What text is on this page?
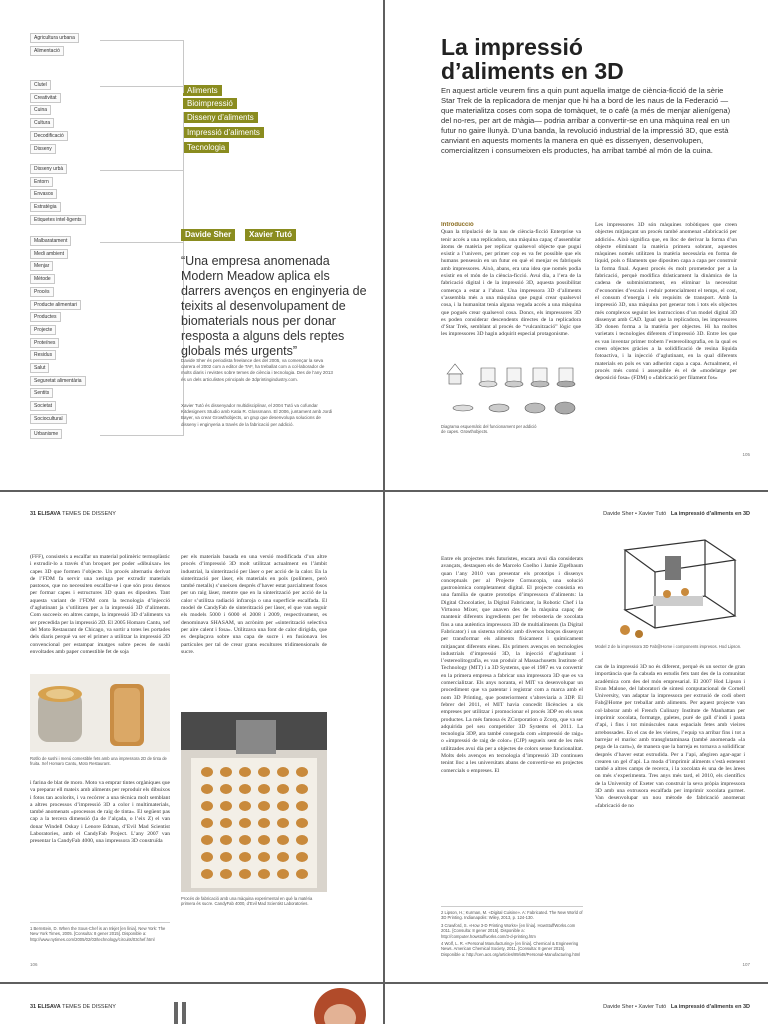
Agricultura urbana
Alimentació
Clutel
Creativitat
Cuina
Cultura
Decodificació
Disseny
Disseny urbà
Entorn
Envasos
Estratègia
Etiquetes intel·ligents
Malbaratament
Medi ambient
Menjar
Mètode
Procés
Producte alimentari
Productes
Projecte
Proteïnes
Residus
Salut
Seguretat alimentària
Sentits
Societat
Sociocultural
Urbanisme
Aliments
Bioimpressió
Disseny d’aliments
Impressió d’aliments
Tecnologia
Davide Sher	Xavier Tutó
“Una empresa anomenada Modern Meadow aplica els darrers avenços en enginyeria de teixits al desenvolupament de biomaterials nous per donar resposta a alguns dels reptes globals més urgents”

Davide Sher és periodista freelance des del 2005, va començar la seva carrera el 2002 com a editor de TAF, ha treballat com a col·laborador de molts diaris i revistes sobre temes de ciència i tecnologia. Des de l’any 2013 és un dels articulistes principals de 3dprintingindustry.com.

Xavier Tutó és dissenyador multidisciplinar, el 2004 Tutó va cofundar Kitdesigners Studio amb Katia R. Glossmann. El 2006, juntament amb Jordi Bayer, va crear Growthobjects, un grup que desenvolupa solucions de disseny i enginyeria a través de la fabricació per addició.

La impressió
d’aliments en 3D

En aquest article veurem fins a quin punt aquella imatge de ciència-ficció de la sèrie Star Trek de la replicadora de menjar que hi ha a bord de les naus de la Federació —que materialitza coses com sopa de tomàquet, te o cafè (a més de menjar alienígena) del no-res, per art de màgia— podria arribar a convertir-se en una màquina real en un futur no gaire llunyà. D’una banda, la revolució industrial de la impressió 3D, que està canviant en aquests moments la manera en què es dissenyen, desenvolupen, comercialitzen i consumeixen els productes, ha arribat també al món de la cuina.

Introducció
Quan la tripulació de la nau de ciència-ficció Enterprise va tenir accés a una replicadora, una màquina capaç d’assemblar àtoms de matèria per replicar qualsevol objecte que pugui existir a l’univers, per primer cop es va fer possible que els humans pensessin en un futur en què el menjar es fabriqués amb impressores. Això, abans, era una idea que només podia existir en el món de la ciència-ficció. Avui dia, a l’era de la fabricació digital i de la impressió 3D, aquesta possibilitat comença a estar a l’abast. Una impressora 3D d’aliments s’assembla més a una màquina que pugui crear qualsevol cosa, i la humanitat tenia alguna vegada accés a una màquina que pogués crear qualsevol cosa. Doncs, els impressores 3D es poden considerar descendents directes de la replicadora d’Star Trek, semblant al procés de “vulcanització” lògic que les impressores 3D hagin adquirit especial protagonisme.
Les impressores 3D són màquines robòtiques que creen objectes mitjançant un procés també anomenat «fabricació per addició». Això significa que, en lloc de derivar la forma d’un objecte eliminant la matèria primera sobrant, aquestes màquines només utilitzen la matèria necessària en forma de líquid, pols o filaments que dipositen capa a capa per construir la forma final. Aquest procés és molt prometedor per a la fabricació, perquè modifica dràsticament la dinàmica de la cadena de subministrament, en eliminar la necessitat d’economies d’escala i reduir potencialment el temps, el cost, el consum d’energia i els requisits de transport. Amb la impressió 3D, una màquina pot generar tots i tots els objectes més complexos seguint les instruccions d’un model digital 3D dissenyat amb CAD. Igual que la replicadora, les impressores 3D donen forma a la matèria per objectes. Hi ha moltes varietats i tecnologies diferents d’impressió 3D. Entre les que es van inventar primer trobem l’estereolitografia, en la qual es creen objectes gràcies a la solidificació de resina líquida fotoactiva, i la injecció d’aglutinant, en la qual diferents materials en pols es van adherint capa a capa. Actualment, el procés més comú i assequible és el de «modelatge per deposició fosa» (FDM) o «fabricació per filament fos»

Diagrama esquemàtic del funcionament per addició de capes. Growthobjects.

105
31 ELISAVA TEMES DE DISSENY
(FFF), consisteix a escalfar un material polimèric termoplàstic i extrudir-lo a través d’un broquet per poder «dibuixar» les capes 3D que formen l’objecte. Un procés alternatiu derivat de l’FDM fa servir una xeringa per extrudir materials pastosos, que no necessiten escalfar-se i que són prou densos per formar capes i estructures 3D quan es dipositen. Tant aquesta variant de l’FDM com la tecnologia d’injecció d’aglutinant ja s’utilitzen per a la impressió 3D d’aliments. Com succeeix en altres camps, la impressió 3D d’aliments va ser precedida per la impressió 2D. El 2005 Homaro Cantu, xef del Moto Restaurant de Chicago, va sortir a totes les portades dels diaris perquè va ser el primer a utilitzar la impressió 2D convencional per estampar imatges sobre peces de sushi envoltades amb paper comestible fet de soja
per els materials basada en una versió modificada d’un altre procés d’impressió 3D molt utilitzat actualment en l’àmbit industrial, la sinterització per làser o per acció de la calor. En la sinterització per làser, els materials en pols (polímers, però també metalls) s’uneixen després d’haver estat parcialment fosos per un raig làser, mentre que en la sinterització per acció de la calor s’utilitza radiació infraroja o una superfície escalfada. El model de CandyFab de sinterització per làser, el que van seguir els models 5000 i 6000 el 2008 i 2009, respectivament, es denominava SHASAM, un acrònim per «sinterització selectiva per aire calent i fosa». Utilitzava una font de calor dirigida, que es desplaçava sobre una capa de sucre i en fusionava les partícules per tal de crear grans escultures tridimensionals de sucre.

Rotllo de sushi i menú comestible fets amb una impressora 2D de tinta de fruita. Xef Homaro Cantu, Moto Restaurant.

Procés de fabricació amb una màquina experimental en què la matèria primera és sucre. CandyFab 4000, d’Evil Mad Scientist Laboratories.

i farina de blat de moro. Moto va emprar tintes orgàniques que va preparar ell mateix amb aliments per reproduir els dibuixos i fotos tan acolorits, i va recórrer a una tècnica molt semblant a altres processos d’impressió 3D a color i multimaterials, també anomenats «processos de raig de tinta». El següent pas cap a la tercera dimensió (la de l’alçada, o l’eix Z) el van donar Windell Oskay i Lenore Edman, d’Evil Mad Scientist Laboratories, amb el CandyFab Project. L’any 2007 van presentar la CandyFab 4000, una impressora 3D construïda

1 Bernstein, D. When the Sous-Chef is an Inkjet [en línia]. New York: The New York Times, 2005. [Consulta: 8 gener 2015]. Disponible a: http://www.nytimes.com/2005/02/03/technology/circuits/03chef.html

106
Davide Sher • Xavier Tutó La impressió d’aliments en 3D
Entre els projectes més futuristes, encara avui dia considerats avançats, destaquen els de Marcelo Coelho i Jamie Zigelbaum quan l’any 2010 van presentar els prototips i dissenys conceptuals per al Projecte Cornucopia, una solució gastronòmica completament digital. El projecte consistia en una família de quatre prototips d’impressora d’aliments: la Digital Chocolatier, la Digital Fabricator, la Robotic Chef i la Virtuoso Mixer, que anaven des de la màquina capaç de mantenir diferents ingredients per fer rebosteria de xocolata fins a una autèntica impressora 3D de multialiments (la Digital Fabricator) i un sistema robòtic amb diversos braços dissenyat per transformar els aliments físicament i químicament mitjançant diferents eines. Els primers avenços en tecnologies industrials d’impressió 3D, la injecció d’aglutinant i l’estereolitografia, es van produir al Massachusetts Institute of Technology (MIT) i a 3D Systems, que el 1987 es va convertir en la primera empresa a fabricar una impressora 3D que es va comercialitzar. Els anys noranta, el MIT va desenvolupar un procediment que va patentar i registrar com a marca amb el nom 3D Printing, que posteriorment s’abreviaria a 3DP. El febrer del 2011, el MIT havia concedit llicències a sis empreses per utilitzar i promocionar el procés 3DP en els seus productes. La més famosa és ZCorporation o Zcorp, que va ser adquirida pel seu competidor 3D Systems el 2011. La tecnologia 3DP, ara també coneguda com «impressió de raig» o «impressió de raig de color» (CJP) segueix sent de les més utilitzades avui dia per a objectes de colors sense funcionalitat. Molts dels avenços en tecnologia d’impressió 3D continuen tenint lloc a les universitats abans de convertir-se en projectes comercials o empreses. El

Model 2 de la impressora 3D Fab@Home i components impresos. Hod Lipson.

cas de la impressió 3D no és diferent, perquè és un sector de gran importància que fa cabuda en estudis fets tant des de la comunitat acadèmica com des del món empresarial. El 2007 Hod Lipson i Evan Malone, del laboratori de síntesi computacional de Cornell University, van adaptar la impressora per extrusió de codi obert Fab@Home per treballar amb aliments. Per aquest projecte van col·laborar amb el French Culinary Institute de Manhattan per imprimir xocolata, formatge, galetes, puré de gall d’indi i pasta d’api, i fins i tot minúscules naus espacials fetes amb vieires arrebossades. En el cas de les vieires, l’equip va arribar fins i tot a barrejar el marisc amb transglutaminasa (també anomenada «la pega de la carn»), de manera que la barreja es tornava a solidificar després d’haver estat extrudida. Per a l’api, afegiren agar-agar i crearen un gel d’api. La moda d’imprimir aliments s’està estenent també a altres camps de recerca, i la xocolata és una de les àrees on més s’experimenta. Tres anys més tard, el 2010, els científics de la University of Exeter van construir la seva pròpia impressora 3D amb una extrusora escalfada per imprimir xocolata gurmet. Van desenvolupar un nou mètode de fabricació anomenat «fabricació de no

2 Lipson, H.; Kurman, M. «Digital Cuisine». A: Fabricated. The New World of 3D Printing. Indianapolis: Wiley, 2013, p. 124-130.

3 Crawford, S. «How 3-D Printing Works» [en línia]. HowStuffWorks.com 2011. [Consulta: 8 gener 2015]. Disponible a: http://computer.howstuffworks.com/3-d-printing.htm

4 Wolf, L. R. «Personal Manufacturing» [en línia]. Chemical & Engineering News. American Chemical Society, 2011. [Consulta: 8 gener 2015]. Disponible a: http://cen.acs.org/articles/89/i48/Personal-Manufacturing.html

107
31 ELISAVA TEMES DE DISSENY	Davide Sher • Xavier Tutó La impressió d’aliments en 3D
